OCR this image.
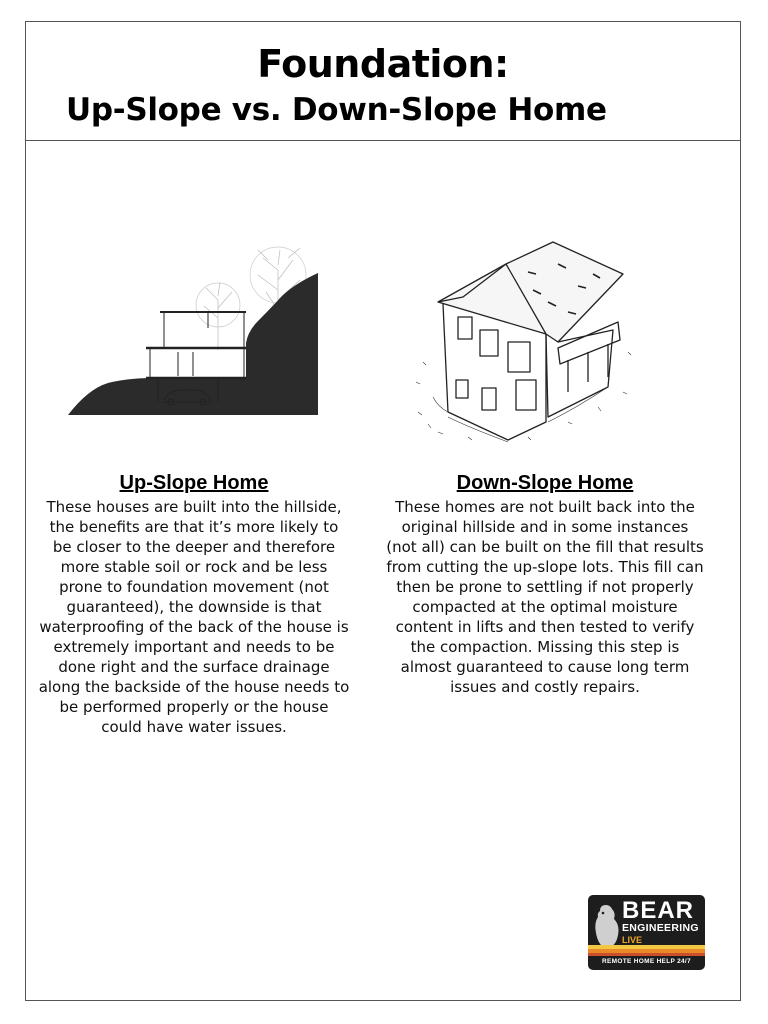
Foundation:
Up-Slope vs. Down-Slope Home
Up-Slope Home

These houses are built into the hillside, the benefits are that it’s more likely to be closer to the deeper and therefore more stable soil or rock and be less prone to foundation movement (not guaranteed), the downside is that waterproofing of the back of the house is extremely important and needs to be done right and the surface drainage along the backside of the house needs to be performed properly or the house could have water issues.

Down-Slope Home

These homes are not built back into the original hillside and in some instances (not all) can be built on the fill that results from cutting the up-slope lots. This fill can then be prone to settling if not properly compacted at the optimal moisture content in lifts and then tested to verify the compaction. Missing this step is almost guaranteed to cause long term issues and costly repairs.

BEAR
ENGINEERING
LIVE
REMOTE HOME HELP 24/7
